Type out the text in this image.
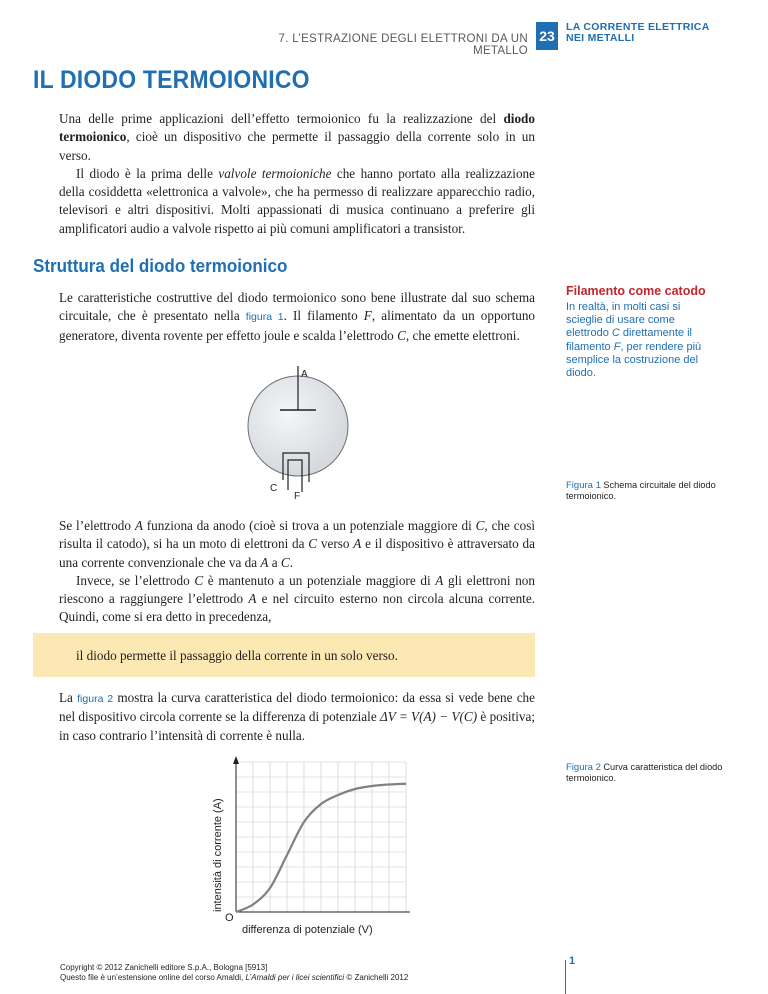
7. L’ESTRAZIONE DEGLI ELETTRONI DA UN METALLO
23
LA CORRENTE ELETTRICA
NEI METALLI
IL DIODO TERMOIONICO

Una delle prime applicazioni dell’effetto termoionico fu la realizzazione del diodo termoionico, cioè un dispositivo che permette il passaggio della corrente solo in un verso.
Il diodo è la prima delle valvole termoioniche che hanno portato alla realizzazione della cosiddetta «elettronica a valvole», che ha permesso di realizzare apparecchio radio, televisori e altri dispositivi. Molti appassionati di musica continuano a preferire gli amplificatori audio a valvole rispetto ai più comuni amplificatori a transistor.

Struttura del diodo termoionico

Le caratteristiche costruttive del diodo termoionico sono bene illustrate dal suo schema circuitale, che è presentato nella figura 1. Il filamento F, alimentato da un opportuno generatore, diventa rovente per effetto joule e scalda l’elettrodo C, che emette elettroni.

Filamento come catodo
In realtà, in molti casi si scieglie di usare come elettrodo C direttamente il filamento F, per rendere più semplice la costruzione del diodo.
A
C
F
Figura 1 Schema circuitale del diodo termoionico.

Se l’elettrodo A funziona da anodo (cioè si trova a un potenziale maggiore di C, che così risulta il catodo), si ha un moto di elettroni da C verso A e il dispositivo è attraversato da una corrente convenzionale che va da A a C.
Invece, se l’elettrodo C è mantenuto a un potenziale maggiore di A gli elettroni non riescono a raggiungere l’elettrodo A e nel circuito esterno non circola alcuna corrente. Quindi, come si era detto in precedenza,

il diodo permette il passaggio della corrente in un solo verso.

La figura 2 mostra la curva caratteristica del diodo termoionico: da essa si vede bene che nel dispositivo circola corrente se la differenza di potenziale ΔV = V(A) − V(C) è positiva; in caso contrario l’intensità di corrente è nulla.

Figura 2 Curva caratteristica del diodo termoionico.
O
differenza di potenziale (V)
intensità di corrente (A)
Copyright © 2012 Zanichelli editore S.p.A., Bologna [5913]
Questo file è un’estensione online del corso Amaldi, L’Amaldi per i licei scientifici © Zanichelli 2012
1
